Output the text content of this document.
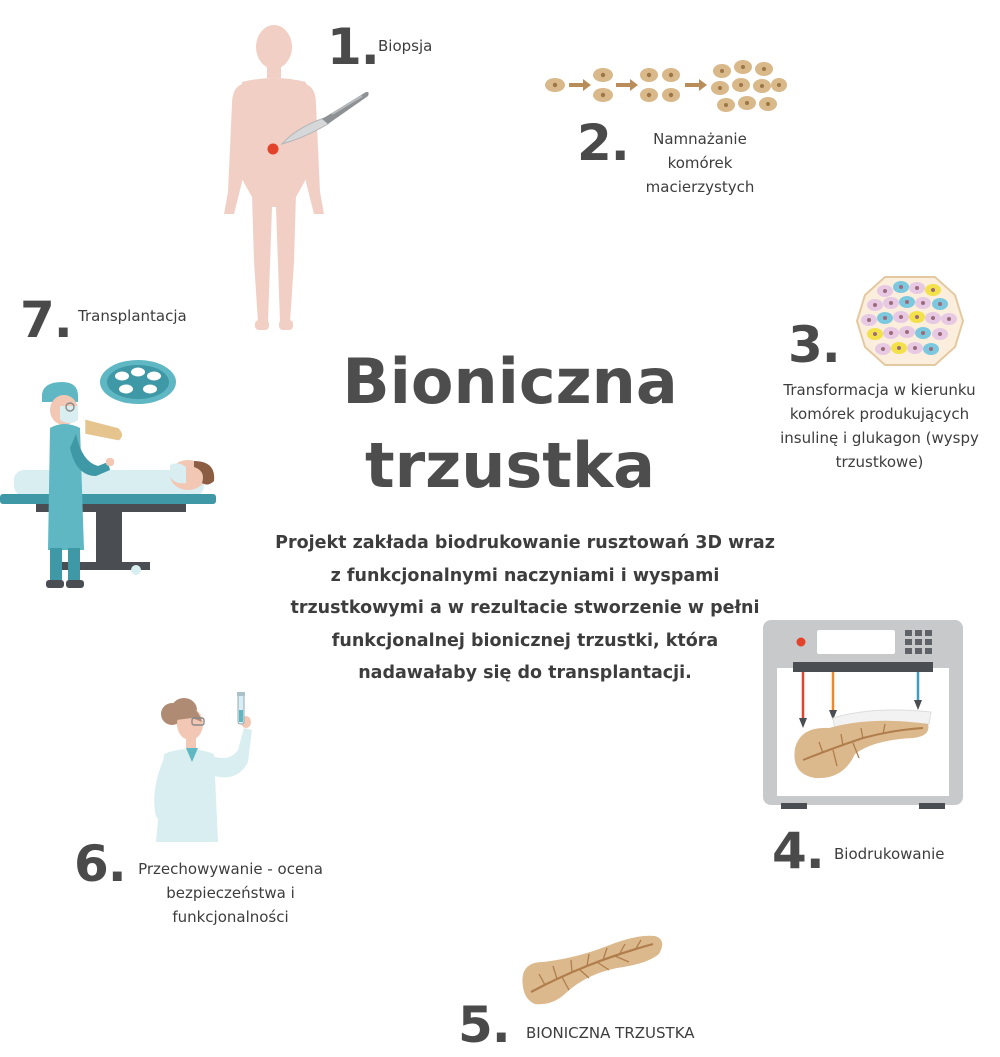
Bioniczna trzustka
Projekt zakłada biodrukowanie rusztowań 3D wraz z funkcjonalnymi naczyniami i wyspami trzustkowymi a w rezultacie stworzenie w pełni funkcjonalnej bionicznej trzustki, która nadawałaby się do transplantacji.
1. Biopsja
2.	Namnażanie komórek macierzystych
3.
Transformacja w kierunku komórek produkujących insulinę i glukagon (wyspy trzustkowe)
4. Biodrukowanie
5. BIONICZNA TRZUSTKA
6. Przechowywanie - ocena bezpieczeństwa i funkcjonalności
7. Transplantacja
